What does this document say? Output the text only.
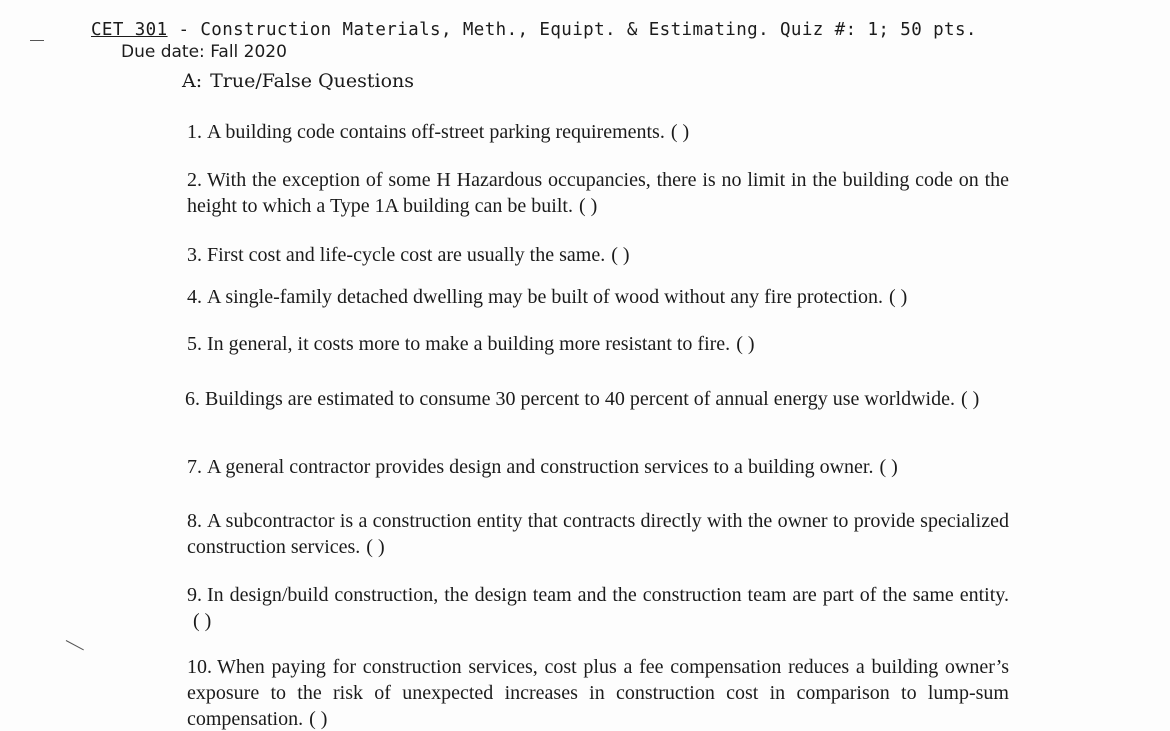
CET 301 - Construction Materials, Meth., Equipt. & Estimating. Quiz #: 1; 50 pts.
Due date: Fall 2020
A: True/False Questions
1. A building code contains off-street parking requirements. ( )
2. With the exception of some H Hazardous occupancies, there is no limit in the building code on the height to which a Type 1A building can be built. ( )
3. First cost and life-cycle cost are usually the same. ( )
4. A single-family detached dwelling may be built of wood without any fire protection. ( )
5. In general, it costs more to make a building more resistant to fire. ( )
6. Buildings are estimated to consume 30 percent to 40 percent of annual energy use worldwide. ( )
7. A general contractor provides design and construction services to a building owner. ( )
8. A subcontractor is a construction entity that contracts directly with the owner to provide specialized construction services. ( )
9. In design/build construction, the design team and the construction team are part of the same entity.( )
10. When paying for construction services, cost plus a fee compensation reduces a building owner’s exposure to the risk of unexpected increases in construction cost in comparison to lump-sum compensation. ( )
